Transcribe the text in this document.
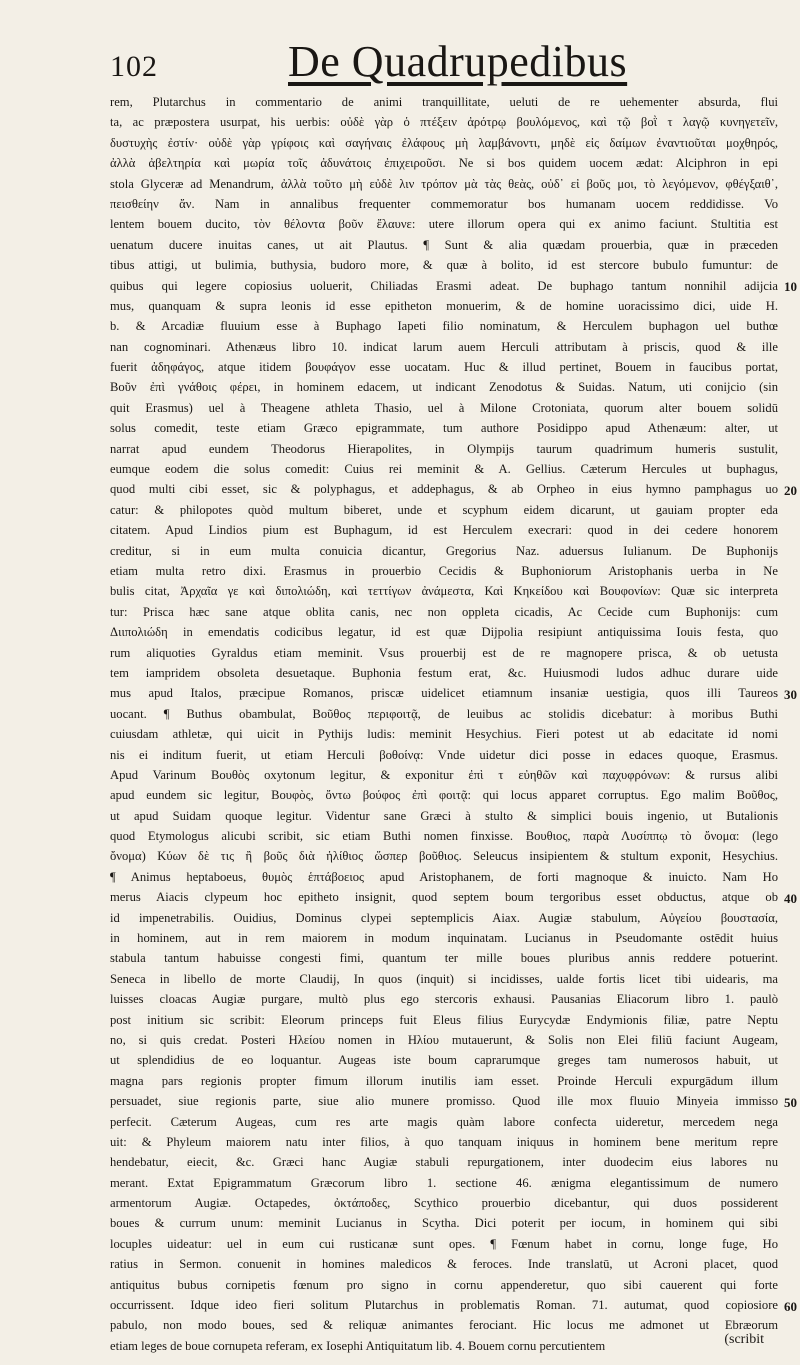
102	De Quadrupedibus
rem, Plutarchus in commentario de animi tranquillitate, ueluti de re uehementer absurda, flui
ta, ac præpostera usurpat, his uerbis: οὐδὲ γὰρ ὁ πτέξειν ἀρότρῳ βουλόμενος, καὶ τῷ βοῒ τ λαγῷ κυνηγετεῖν,
δυστυχὴς ἐστίν· οὐδὲ γὰρ γρίφοις καὶ σαγήναις ἐλάφους μὴ λαμβάνοντι, μηδὲ εἰς δαίμων ἐναντιοῦται μοχθηρός,
ἀλλὰ ἀβελτηρία καὶ μωρία τοῖς ἀδυνάτοις ἐπιχειροῦσι. Ne si bos quidem uocem ædat: Alciphron in epi
stola Glyceræ ad Menandrum, ἀλλὰ τοῦτο μὴ εὐδὲ λιν τρόπον μὰ τὰς θεὰς, οὐδ᾽ εἰ βοῦς μοι, τὸ λεγόμενον, φθέγξαιθ᾽,
πεισθείην ἄν. Nam in annalibus frequenter commemoratur bos humanam uocem reddidisse. Vo
lentem bouem ducito, τὸν θέλοντα βοῦν ἔλαυνε: utere illorum opera qui ex animo faciunt. Stultitia est
uenatum ducere inuitas canes, ut ait Plautus. ¶ Sunt & alia quædam prouerbia, quæ in præceden
tibus attigi, ut bulimia, buthysia, budoro more, & quæ à bolito, id est stercore bubulo fumuntur: de
quibus qui legere copiosius uoluerit, Chiliadas Erasmi adeat. De buphago tantum nonnihil adijcia
mus, quanquam & supra leonis id esse epitheton monuerim, & de homine uoracissimo dici, uide H.
b. & Arcadiæ fluuium esse à Buphago Iapeti filio nominatum, & Herculem buphagon uel buthœ
nan cognominari. Athenæus libro 10. indicat larum auem Herculi attributam à priscis, quod & ille
fuerit ἀδηφάγος, atque itidem βουφάγον esse uocatam. Huc & illud pertinet, Bouem in faucibus portat,
Βοῦν ἐπὶ γνάθοις φέρει, in hominem edacem, ut indicant Zenodotus & Suidas. Natum, uti conijcio (sin
quit Erasmus) uel à Theagene athleta Thasio, uel à Milone Crotoniata, quorum alter bouem solidū
solus comedit, teste etiam Græco epigrammate, tum authore Posidippo apud Athenæum: alter, ut
narrat apud eundem Theodorus Hierapolites, in Olympijs taurum quadrimum humeris sustulit,
eumque eodem die solus comedit: Cuius rei meminit & A. Gellius. Cæterum Hercules ut buphagus,
quod multi cibi esset, sic & polyphagus, et addephagus, & ab Orpheo in eius hymno pamphagus uo
catur: & philopotes quòd multum biberet, unde et scyphum eidem dicarunt, ut gauiam propter eda
citatem. Apud Lindios pium est Buphagum, id est Herculem execrari: quod in dei cedere honorem
creditur, si in eum multa conuicia dicantur, Gregorius Naz. aduersus Iulianum. De Buphonijs
etiam multa retro dixi. Erasmus in prouerbio Cecidis & Buphoniorum Aristophanis uerba in Ne
bulis citat, Ἀρχαῖα γε καὶ διπολιώδη, καὶ τεττίγων ἀνάμεστα, Καὶ Κηκείδου καὶ Βουφονίων: Quæ sic interpreta
tur: Prisca hæc sane atque oblita canis, nec non oppleta cicadis, Ac Cecide cum Buphonijs: cum
Διιπολιώδη in emendatis codicibus legatur, id est quæ Dijpolia resipiunt antiquissima Iouis festa, quo
rum aliquoties Gyraldus etiam meminit. Vsus prouerbij est de re magnopere prisca, & ob uetusta
tem iampridem obsoleta desuetaque. Buphonia festum erat, &c. Huiusmodi ludos adhuc durare uide
mus apud Italos, præcipue Romanos, priscæ uidelicet etiamnum insaniæ uestigia, quos illi Taureos
uocant. ¶ Buthus obambulat, Βοῦθος περιφοιτᾷ, de leuibus ac stolidis dicebatur: à moribus Buthi
cuiusdam athletæ, qui uicit in Pythijs ludis: meminit Hesychius. Fieri potest ut ab edacitate id nomi
nis ei inditum fuerit, ut etiam Herculi βοθοίνᾳ: Vnde uidetur dici posse in edaces quoque, Erasmus.
Apud Varinum Βουθὸς oxytonum legitur, & exponitur ἐπὶ τ εὐηθῶν καὶ παχυφρόνων: & rursus alibi
apud eundem sic legitur, Βουφὸς, ὄντω βούφος ἐπὶ φοιτᾷ: qui locus apparet corruptus. Ego malim Βοῦθος,
ut apud Suidam quoque legitur. Videntur sane Græci à stulto & simplici bouis ingenio, ut Butalionis
quod Etymologus alicubi scribit, sic etiam Buthi nomen finxisse. Βουθιος, παρὰ Λυσίππῳ τὸ ὄνομα: (lego
ὄνομα) Κύων δὲ τις ἢ βοῦς διὰ ἡλίθιος ὥσπερ βοῦθιος. Seleucus insipientem & stultum exponit, Hesychius.
¶ Animus heptaboeus, θυμὸς ἑπτάβοειος apud Aristophanem, de forti magnoque & inuicto. Nam Ho
merus Aiacis clypeum hoc epitheto insignit, quod septem boum tergoribus esset obductus, atque ob
id impenetrabilis. Ouidius, Dominus clypei septemplicis Aiax. Augiæ stabulum, Αὐγείου βουστασία,
in hominem, aut in rem maiorem in modum inquinatam. Lucianus in Pseudomante ostēdit huius
stabula tantum habuisse congesti fimi, quantum ter mille boues pluribus annis reddere potuerint.
Seneca in libello de morte Claudij, In quos (inquit) si incidisses, ualde fortis licet tibi uidearis, ma
luisses cloacas Augiæ purgare, multò plus ego stercoris exhausi. Pausanias Eliacorum libro 1. paulò
post initium sic scribit: Eleorum princeps fuit Eleus filius Eurycydæ Endymionis filiæ, patre Neptu
no, si quis credat. Posteri Ηλείου nomen in Ηλίου mutauerunt, & Solis non Elei filiū faciunt Augeam,
ut splendidius de eo loquantur. Augeas iste boum caprarumque greges tam numerosos habuit, ut
magna pars regionis propter fimum illorum inutilis iam esset. Proinde Herculi expurgādum illum
persuadet, siue regionis parte, siue alio munere promisso. Quod ille mox fluuio Minyeia immisso
perfecit. Cæterum Augeas, cum res arte magis quàm labore confecta uideretur, mercedem nega
uit: & Phyleum maiorem natu inter filios, à quo tanquam iniquus in hominem bene meritum repre
hendebatur, eiecit, &c. Græci hanc Augiæ stabuli repurgationem, inter duodecim eius labores nu
merant. Extat Epigrammatum Græcorum libro 1. sectione 46. ænigma elegantissimum de numero
armentorum Augiæ. Octapedes, ὀκτάποδες, Scythico prouerbio dicebantur, qui duos possiderent
boues & currum unum: meminit Lucianus in Scytha. Dici poterit per iocum, in hominem qui sibi
locuples uideatur: uel in eum cui rusticanæ sunt opes. ¶ Fœnum habet in cornu, longe fuge, Ho
ratius in Sermon. conuenit in homines maledicos & feroces. Inde translatū, ut Acroni placet, quod
antiquitus bubus cornipetis fœnum pro signo in cornu appenderetur, quo sibi cauerent qui forte
occurrissent. Idque ideo fieri solitum Plutarchus in problematis Roman. 71. autumat, quod copiosiore
pabulo, non modo boues, sed & reliquæ animantes ferociant. Hic locus me admonet ut Ebræorum
etiam leges de boue cornupeta referam, ex Iosephi Antiquitatum lib. 4. Bouem cornu percutientem
10
20
30
40
50
60
(scribit
